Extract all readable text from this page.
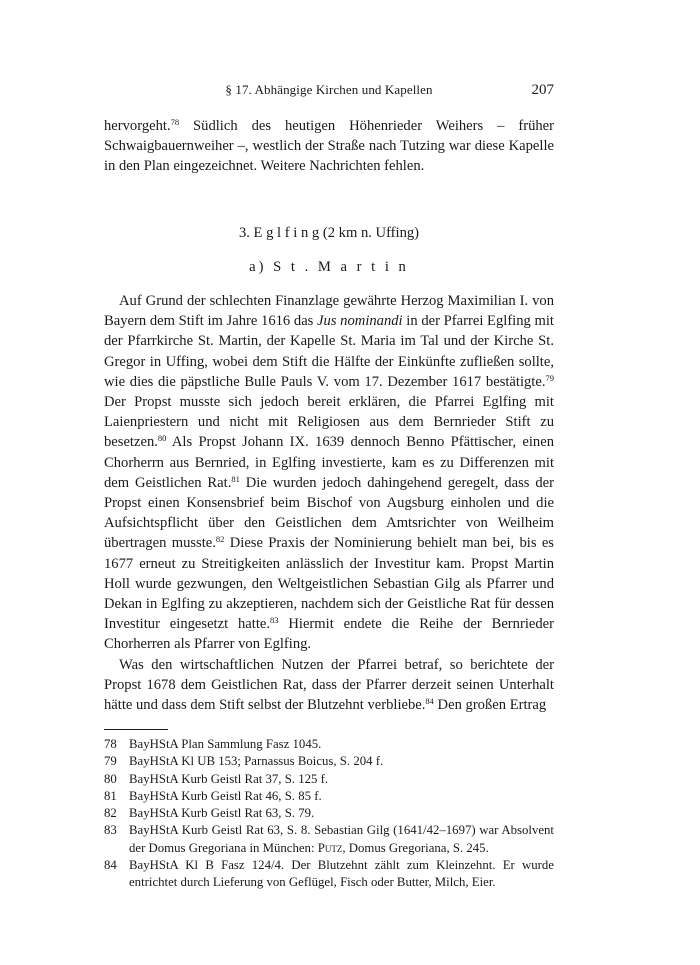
§ 17. Abhängige Kirchen und Kapellen	207

hervorgeht.$^{78}$ Südlich des heutigen Höhenrieder Weihers – früher Schwaigbauernweiher –, westlich der Straße nach Tutzing war diese Kapelle in den Plan eingezeichnet. Weitere Nachrichten fehlen.

3. E g l f i n g (2 km n. Uffing)
a) S t . M a r t i n

Auf Grund der schlechten Finanzlage gewährte Herzog Maximilian I. von Bayern dem Stift im Jahre 1616 das Jus nominandi in der Pfarrei Eglfing mit der Pfarrkirche St. Martin, der Kapelle St. Maria im Tal und der Kirche St. Gregor in Uffing, wobei dem Stift die Hälfte der Einkünfte zufließen sollte, wie dies die päpstliche Bulle Pauls V. vom 17. Dezember 1617 bestätigte.$^{79}$ Der Propst musste sich jedoch bereit erklären, die Pfarrei Eglfing mit Laienpriestern und nicht mit Religiosen aus dem Bernrieder Stift zu besetzen.$^{80}$ Als Propst Johann IX. 1639 dennoch Benno Pfättischer, einen Chorherrn aus Bernried, in Eglfing investierte, kam es zu Differenzen mit dem Geistlichen Rat.$^{81}$ Die wurden jedoch dahingehend geregelt, dass der Propst einen Konsensbrief beim Bischof von Augsburg einholen und die Aufsichtspflicht über den Geistlichen dem Amtsrichter von Weilheim übertragen musste.$^{82}$ Diese Praxis der Nominierung behielt man bei, bis es 1677 erneut zu Streitigkeiten anlässlich der Investitur kam. Propst Martin Holl wurde gezwungen, den Weltgeistlichen Sebastian Gilg als Pfarrer und Dekan in Eglfing zu akzeptieren, nachdem sich der Geistliche Rat für dessen Investitur eingesetzt hatte.$^{83}$ Hiermit endete die Reihe der Bernrieder Chorherren als Pfarrer von Eglfing.

Was den wirtschaftlichen Nutzen der Pfarrei betraf, so berichtete der Propst 1678 dem Geistlichen Rat, dass der Pfarrer derzeit seinen Unterhalt hätte und dass dem Stift selbst der Blutzehnt verbliebe.$^{84}$ Den großen Ertrag

78 BayHStA Plan Sammlung Fasz 1045.
79 BayHStA Kl UB 153; Parnassus Boicus, S. 204 f.
80 BayHStA Kurb Geistl Rat 37, S. 125 f.
81 BayHStA Kurb Geistl Rat 46, S. 85 f.
82 BayHStA Kurb Geistl Rat 63, S. 79.
83 BayHStA Kurb Geistl Rat 63, S. 8. Sebastian Gilg (1641/42–1697) war Absolvent der Domus Gregoriana in München: Putz, Domus Gregoriana, S. 245.
84 BayHStA Kl B Fasz 124/4. Der Blutzehnt zählt zum Kleinzehnt. Er wurde entrichtet durch Lieferung von Geflügel, Fisch oder Butter, Milch, Eier.
